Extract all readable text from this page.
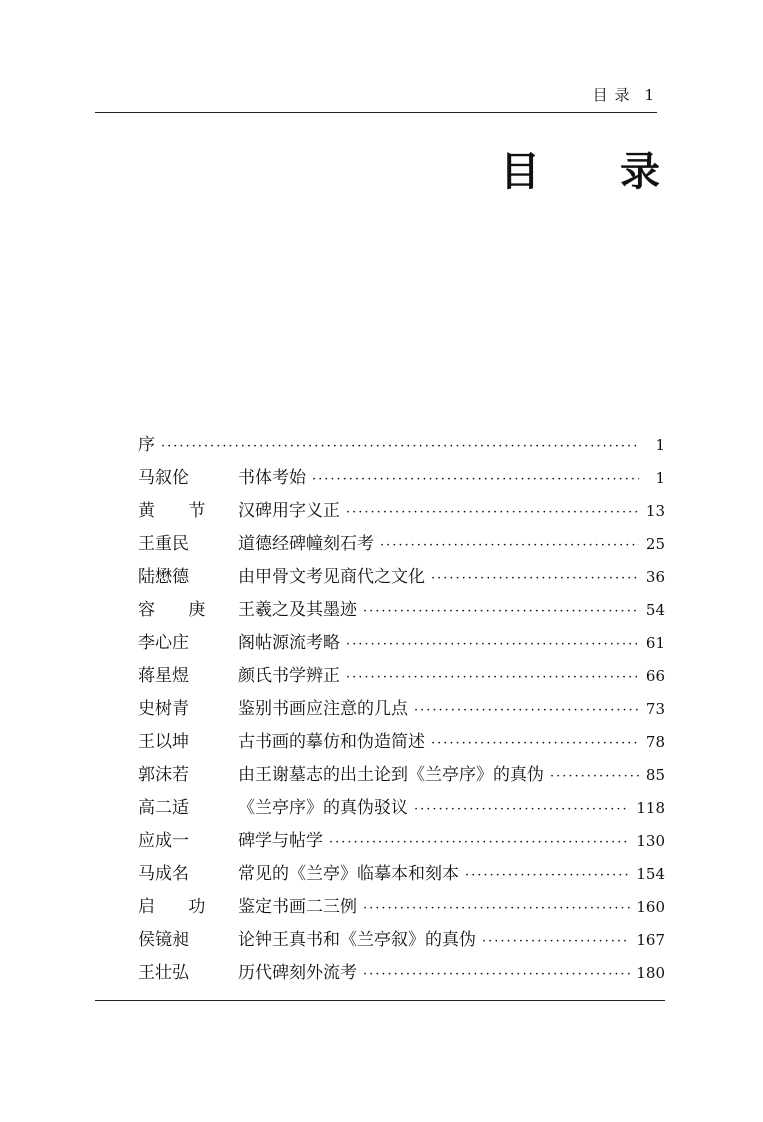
目 录 1
目 录
序 ·····	1
马叙伦	书体考始 ·····	1
黄 节	汉碑用字义正 ·····	13
王重民	道德经碑幢刻石考 ·····	25
陆懋德	由甲骨文考见商代之文化 ·····	36
容 庚	王羲之及其墨迹 ·····	54
李心庄	阁帖源流考略 ·····	61
蒋星煜	颜氏书学辨正 ·····	66
史树青	鉴别书画应注意的几点 ·····	73
王以坤	古书画的摹仿和伪造简述 ·····	78
郭沫若	由王谢墓志的出土论到《兰亭序》的真伪 ·····	85
高二适	《兰亭序》的真伪驳议 ·····	118
应成一	碑学与帖学 ·····	130
马成名	常见的《兰亭》临摹本和刻本 ·····	154
启 功	鉴定书画二三例 ·····	160
侯镜昶	论钟王真书和《兰亭叙》的真伪 ·····	167
王壮弘	历代碑刻外流考 ·····	180
